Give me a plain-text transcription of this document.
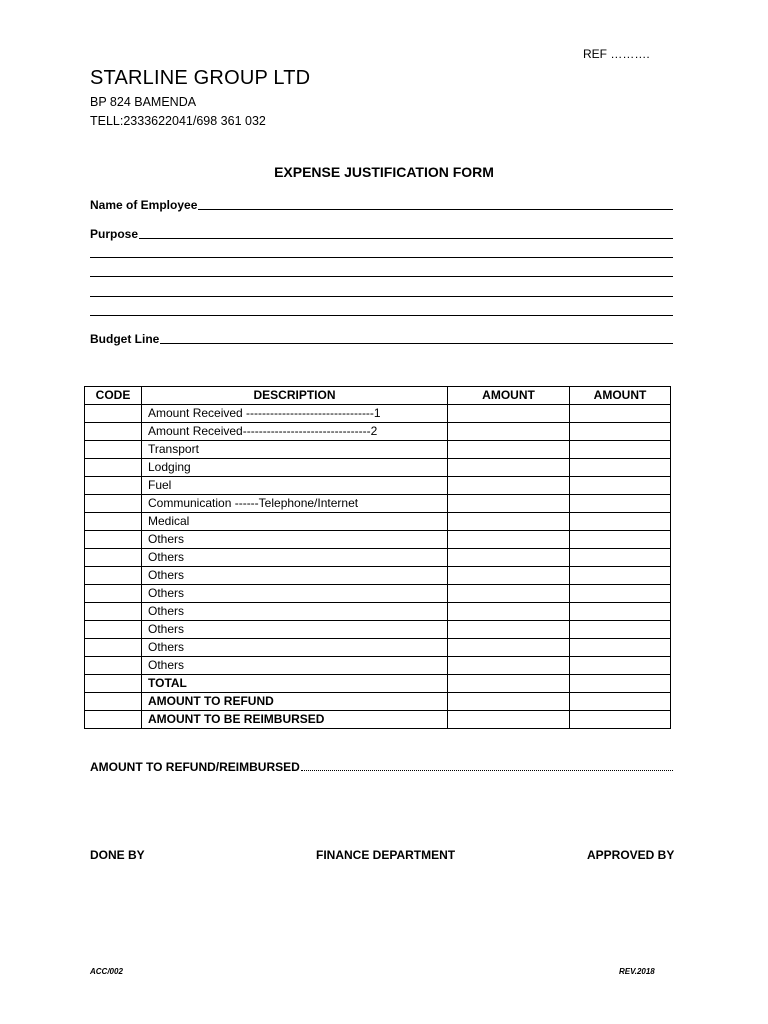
REF ……….
STARLINE GROUP LTD
BP 824 BAMENDA
TELL:2333622041/698 361 032
EXPENSE JUSTIFICATION FORM
Name of Employee
Purpose
Budget Line
CODE	DESCRIPTION	AMOUNT	AMOUNT
	Amount Received --------------------------------1		
	Amount Received--------------------------------2		
	Transport		
	Lodging		
	Fuel		
	Communication ------Telephone/Internet		
	Medical		
	Others		
	Others		
	Others		
	Others		
	Others		
	Others		
	Others		
	Others		
	TOTAL		
	AMOUNT TO REFUND		
	AMOUNT TO BE REIMBURSED		
AMOUNT TO REFUND/REIMBURSED
DONE BY	FINANCE DEPARTMENT	APPROVED BY
ACC/002	REV.2018
